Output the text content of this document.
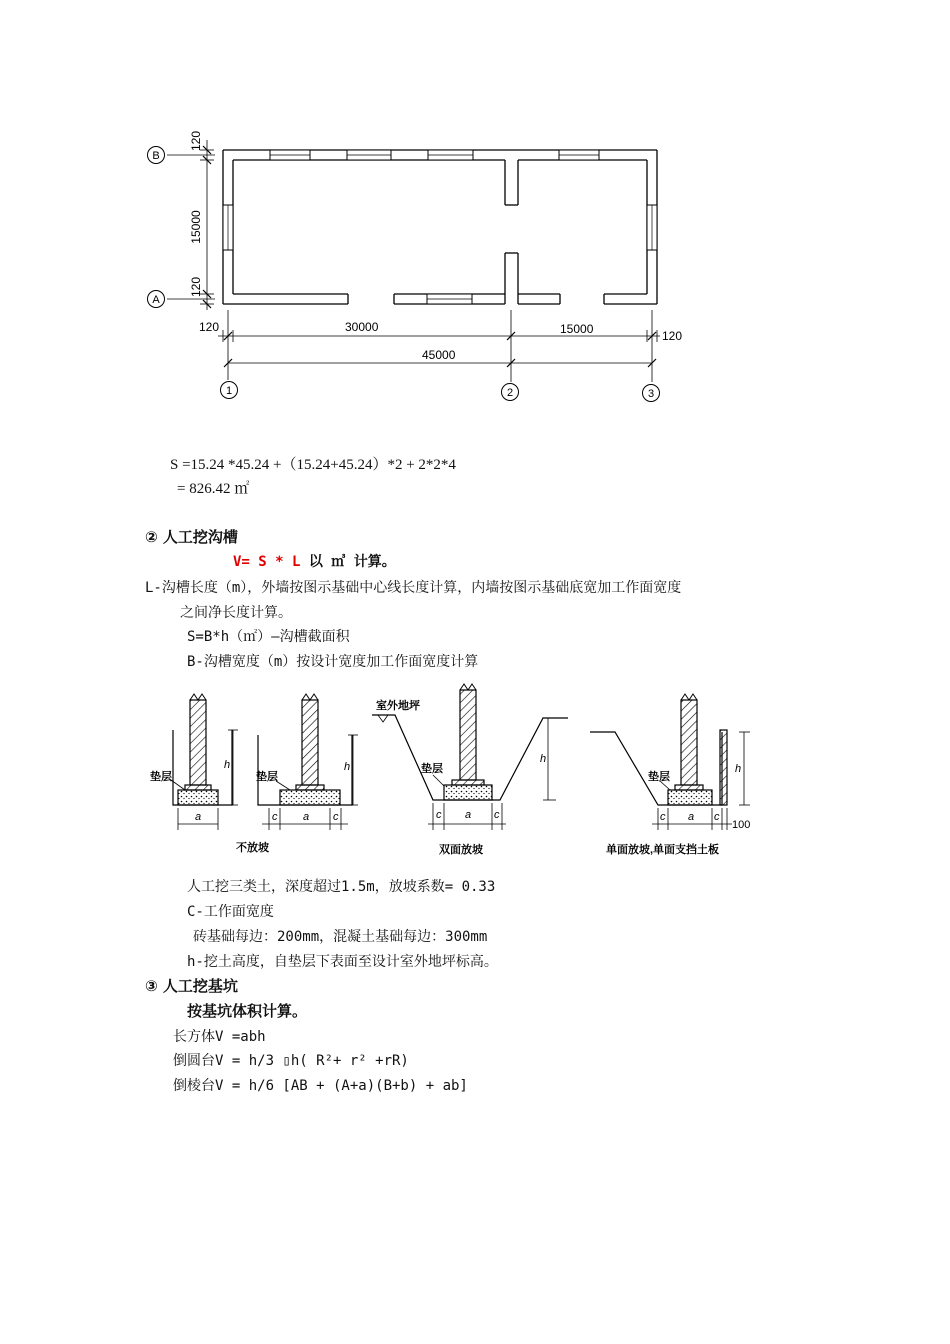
B
A
1	2	3
120
15000
120
120	30000	15000	120
45000
S =15.24 *45.24 +（15.24+45.24）*2 + 2*2*4
= 826.42 ㎡
② 人工挖沟槽
V= S * L 以 ㎥ 计算。
L-沟槽长度（m），外墙按图示基础中心线长度计算，内墙按图示基础底宽加工作面宽度
之间净长度计算。
S=B*h（㎡）—沟槽截面积
B-沟槽宽度（m）按设计宽度加工作面宽度计算
垫层	垫层
垫层
垫层
室外地坪
h	h
h
h
a	a	a	a
c	c	c	c	c	c
100
不放坡	双面放坡	单面放坡,单面支挡土板
人工挖三类土，深度超过1.5m，放坡系数= 0.33
C-工作面宽度
砖基础每边：200mm，混凝土基础每边：300mm
h-挖土高度，自垫层下表面至设计室外地坪标高。
③ 人工挖基坑
按基坑体积计算。
长方体V =abh
倒圆台V = h/3 ▯h( R²+ r² +rR)
倒棱台V = h/6 [AB + (A+a)(B+b) + ab]
